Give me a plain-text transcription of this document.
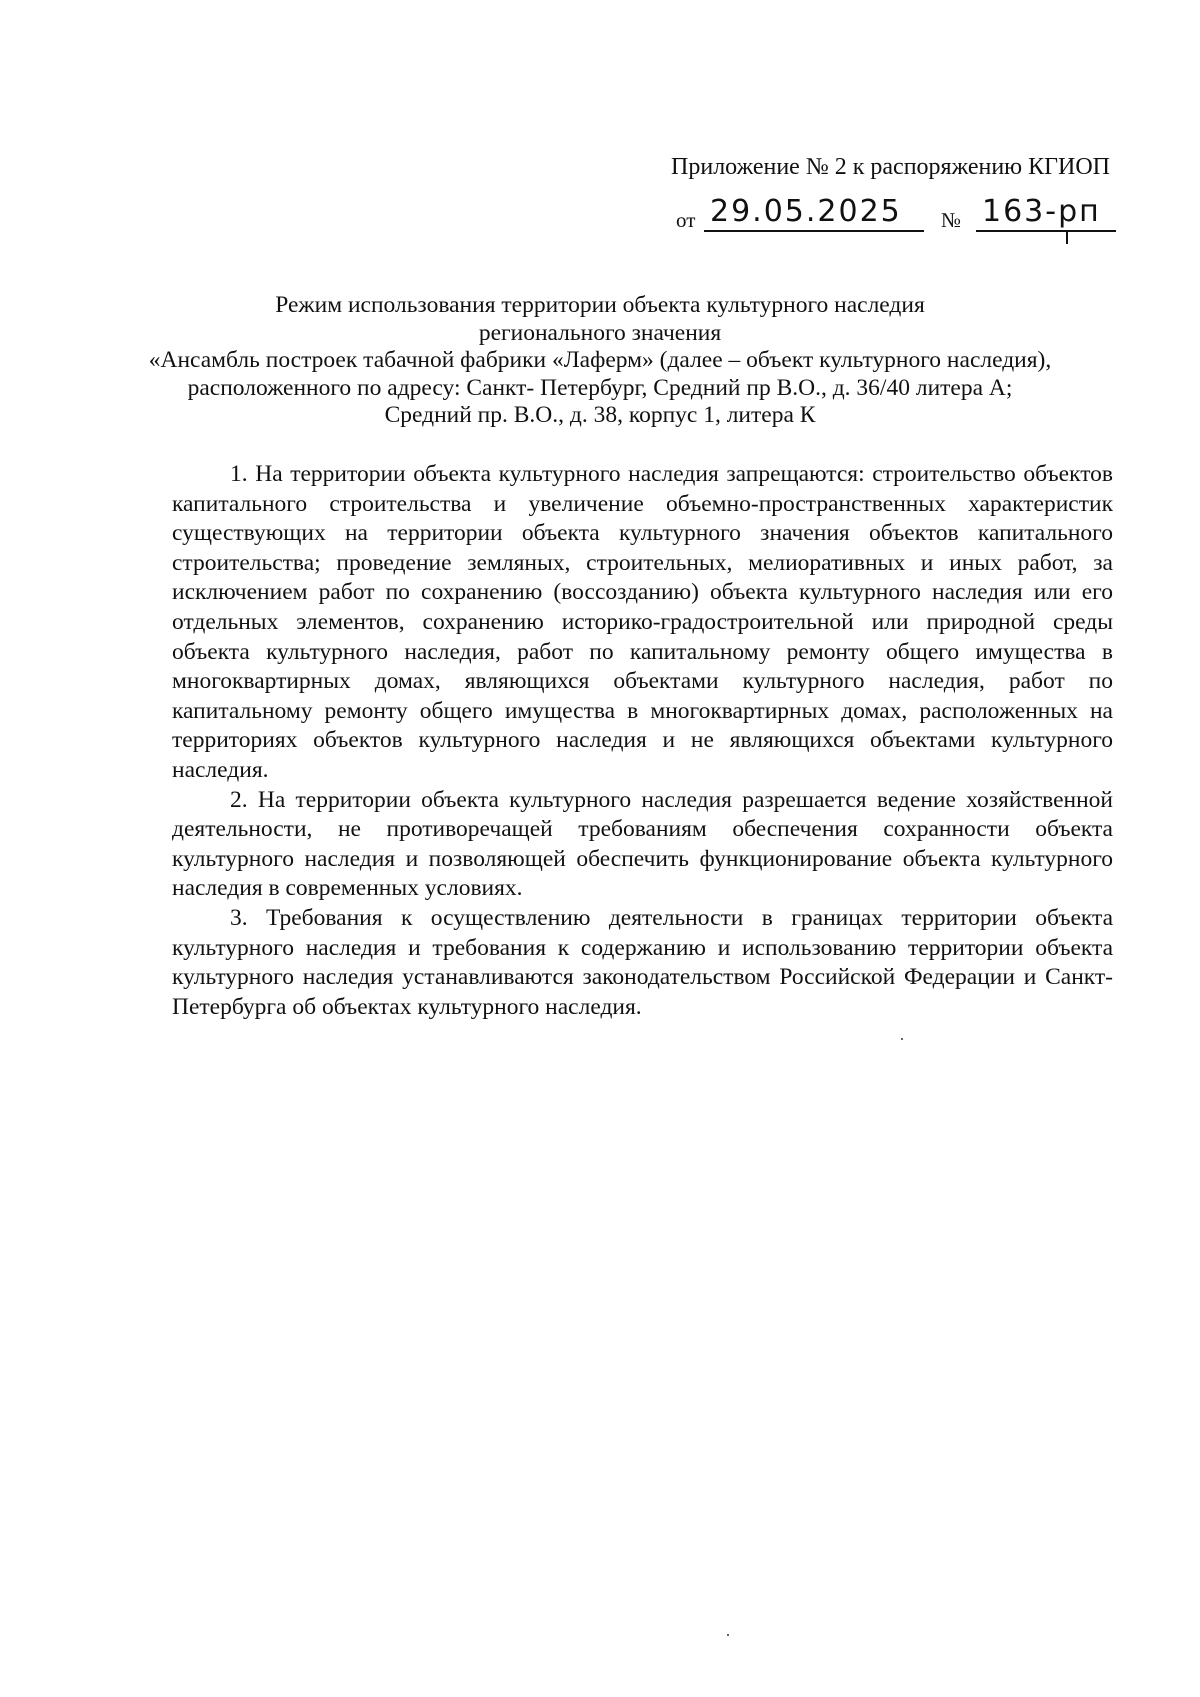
Приложение № 2 к распоряжению КГИОП
от 29.05.2025 № 163-рп
Режим использования территории объекта культурного наследия
регионального значения
«Ансамбль построек табачной фабрики «Лаферм» (далее – объект культурного наследия),
расположенного по адресу: Санкт- Петербург, Средний пр В.О., д. 36/40 литера А;
Средний пр. В.О., д. 38, корпус 1, литера К

1. На территории объекта культурного наследия запрещаются: строительство объектов капитального строительства и увеличение объемно-пространственных характеристик существующих на территории объекта культурного значения объектов капитального строительства; проведение земляных, строительных, мелиоративных и иных работ, за исключением работ по сохранению (воссозданию) объекта культурного наследия или его отдельных элементов, сохранению историко-градостроительной или природной среды объекта культурного наследия, работ по капитальному ремонту общего имущества в многоквартирных домах, являющихся объектами культурного наследия, работ по капитальному ремонту общего имущества в многоквартирных домах, расположенных на территориях объектов культурного наследия и не являющихся объектами культурного наследия.

2. На территории объекта культурного наследия разрешается ведение хозяйственной деятельности, не противоречащей требованиям обеспечения сохранности объекта культурного наследия и позволяющей обеспечить функционирование объекта культурного наследия в современных условиях.

3. Требования к осуществлению деятельности в границах территории объекта культурного наследия и требования к содержанию и использованию территории объекта культурного наследия устанавливаются законодательством Российской Федерации и Санкт-Петербурга об объектах культурного наследия.
